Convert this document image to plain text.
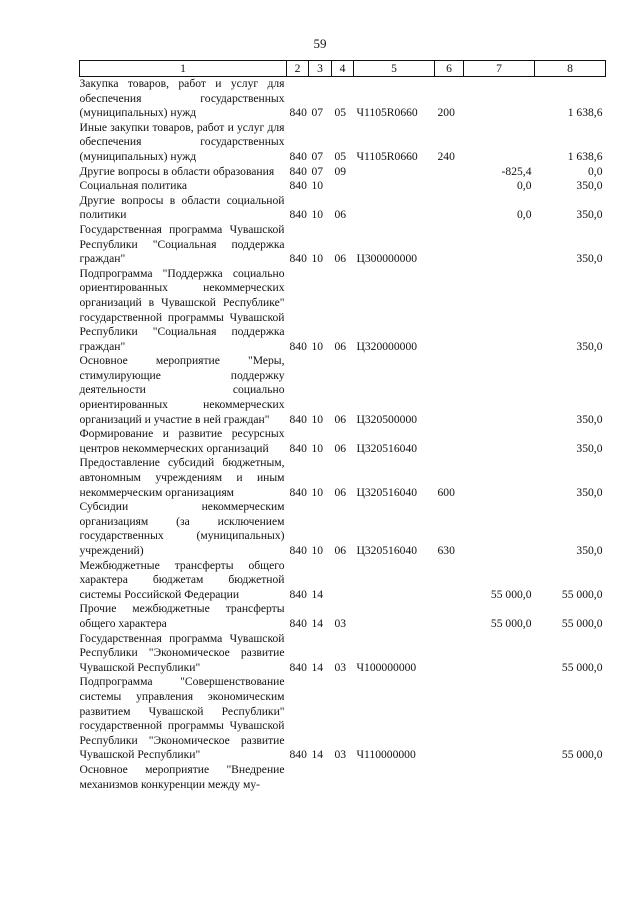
59
1	2	3	4	5	6	7	8
Закупка товаров, работ и услуг для обеспечения государственных (муниципальных) нужд	840	07	05	Ч1105R0660	200		1 638,6
Иные закупки товаров, работ и услуг для обеспечения государственных (муниципальных) нужд	840	07	05	Ч1105R0660	240		1 638,6
Другие вопросы в области образования	840	07	09			-825,4	0,0
Социальная политика	840	10				0,0	350,0
Другие вопросы в области социальной политики	840	10	06			0,0	350,0
Государственная программа Чувашской Республики "Социальная поддержка граждан"	840	10	06	Ц300000000			350,0
Подпрограмма "Поддержка социально ориентированных некоммерческих организаций в Чувашской Республике" государственной программы Чувашской Республики "Социальная поддержка граждан"	840	10	06	Ц320000000			350,0
Основное мероприятие "Меры, стимулирующие поддержку деятельности социально ориентированных некоммерческих организаций и участие в ней граждан"	840	10	06	Ц320500000			350,0
Формирование и развитие ресурсных центров некоммерческих организаций	840	10	06	Ц320516040			350,0
Предоставление субсидий бюджетным, автономным учреждениям и иным некоммерческим организациям	840	10	06	Ц320516040	600		350,0
Субсидии некоммерческим организациям (за исключением государственных (муниципальных) учреждений)	840	10	06	Ц320516040	630		350,0
Межбюджетные трансферты общего характера бюджетам бюджетной системы Российской Федерации	840	14				55 000,0	55 000,0
Прочие межбюджетные трансферты общего характера	840	14	03			55 000,0	55 000,0
Государственная программа Чувашской Республики "Экономическое развитие Чувашской Республики"	840	14	03	Ч100000000			55 000,0
Подпрограмма "Совершенствование системы управления экономическим развитием Чувашской Республики" государственной программы Чувашской Республики "Экономическое развитие Чувашской Республики"	840	14	03	Ч110000000			55 000,0
Основное мероприятие "Внедрение механизмов конкуренции между му-							
